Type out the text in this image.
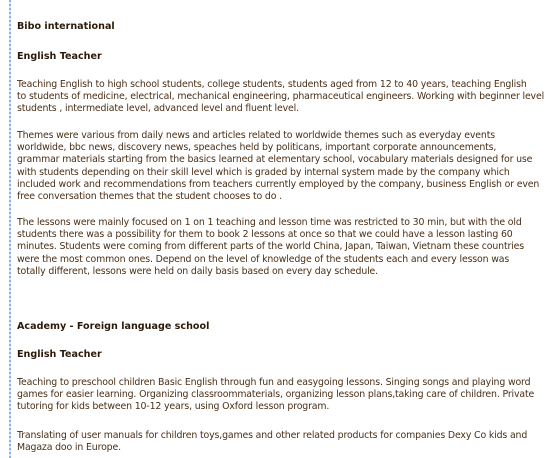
Bibo international
English Teacher
Teaching English to high school students, college students, students aged from 12 to 40 years, teaching English
to students of medicine, electrical, mechanical engineering, pharmaceutical engineers. Working with beginner level
students , intermediate level, advanced level and fluent level.
Themes were various from daily news and articles related to worldwide themes such as everyday events
worldwide, bbc news, discovery news, speaches held by politicans, important corporate announcements,
grammar materials starting from the basics learned at elementary school, vocabulary materials designed for use
with students depending on their skill level which is graded by internal system made by the company which
included work and recommendations from teachers currently employed by the company, business English or even
free conversation themes that the student chooses to do .
The lessons were mainly focused on 1 on 1 teaching and lesson time was restricted to 30 min, but with the old
students there was a possibility for them to book 2 lessons at once so that we could have a lesson lasting 60
minutes. Students were coming from different parts of the world China, Japan, Taiwan, Vietnam these countries
were the most common ones. Depend on the level of knowledge of the students each and every lesson was
totally different, lessons were held on daily basis based on every day schedule.
Academy - Foreign language school
English Teacher
Teaching to preschool children Basic English through fun and easygoing lessons. Singing songs and playing word
games for easier learning. Organizing classroommaterials, organizing lesson plans,taking care of children. Private
tutoring for kids between 10-12 years, using Oxford lesson program.
Translating of user manuals for children toys,games and other related products for companies Dexy Co kids and
Magaza doo in Europe.
